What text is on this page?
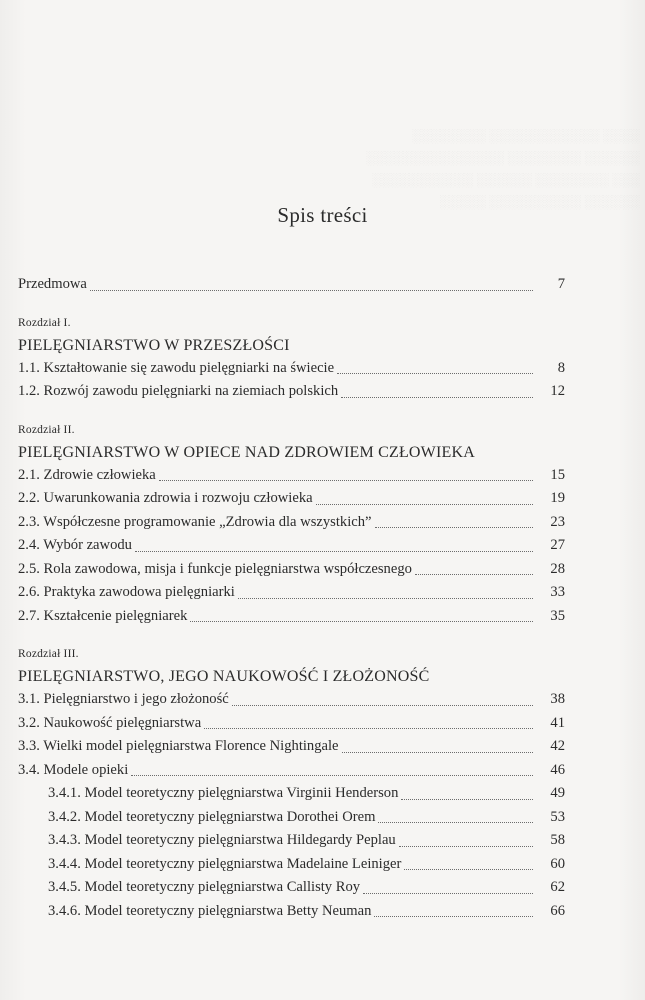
░░░░ ░░░░░░░░░░░░ ░░░░░░░░
░░░░░░ ░░░░░░░░ ░░░░░░░░░░░░░░░
░░░ ░░░░░░░░ ░░░░░░ ░░░░░░░░░░░
░░░░░░ ░░░░░░░░░░ ░░░░░
Spis treści
Przedmowa	7
Rozdział I.
PIELĘGNIARSTWO W PRZESZŁOŚCI
1.1. Kształtowanie się zawodu pielęgniarki na świecie	8
1.2. Rozwój zawodu pielęgniarki na ziemiach polskich	12
Rozdział II.
PIELĘGNIARSTWO W OPIECE NAD ZDROWIEM CZŁOWIEKA
2.1. Zdrowie człowieka	15
2.2. Uwarunkowania zdrowia i rozwoju człowieka	19
2.3. Współczesne programowanie „Zdrowia dla wszystkich”	23
2.4. Wybór zawodu	27
2.5. Rola zawodowa, misja i funkcje pielęgniarstwa współczesnego	28
2.6. Praktyka zawodowa pielęgniarki	33
2.7. Kształcenie pielęgniarek	35
Rozdział III.
PIELĘGNIARSTWO, JEGO NAUKOWOŚĆ I ZŁOŻONOŚĆ
3.1. Pielęgniarstwo i jego złożoność	38
3.2. Naukowość pielęgniarstwa	41
3.3. Wielki model pielęgniarstwa Florence Nightingale	42
3.4. Modele opieki	46
3.4.1. Model teoretyczny pielęgniarstwa Virginii Henderson	49
3.4.2. Model teoretyczny pielęgniarstwa Dorothei Orem	53
3.4.3. Model teoretyczny pielęgniarstwa Hildegardy Peplau	58
3.4.4. Model teoretyczny pielęgniarstwa Madelaine Leiniger	60
3.4.5. Model teoretyczny pielęgniarstwa Callisty Roy	62
3.4.6. Model teoretyczny pielęgniarstwa Betty Neuman	66
